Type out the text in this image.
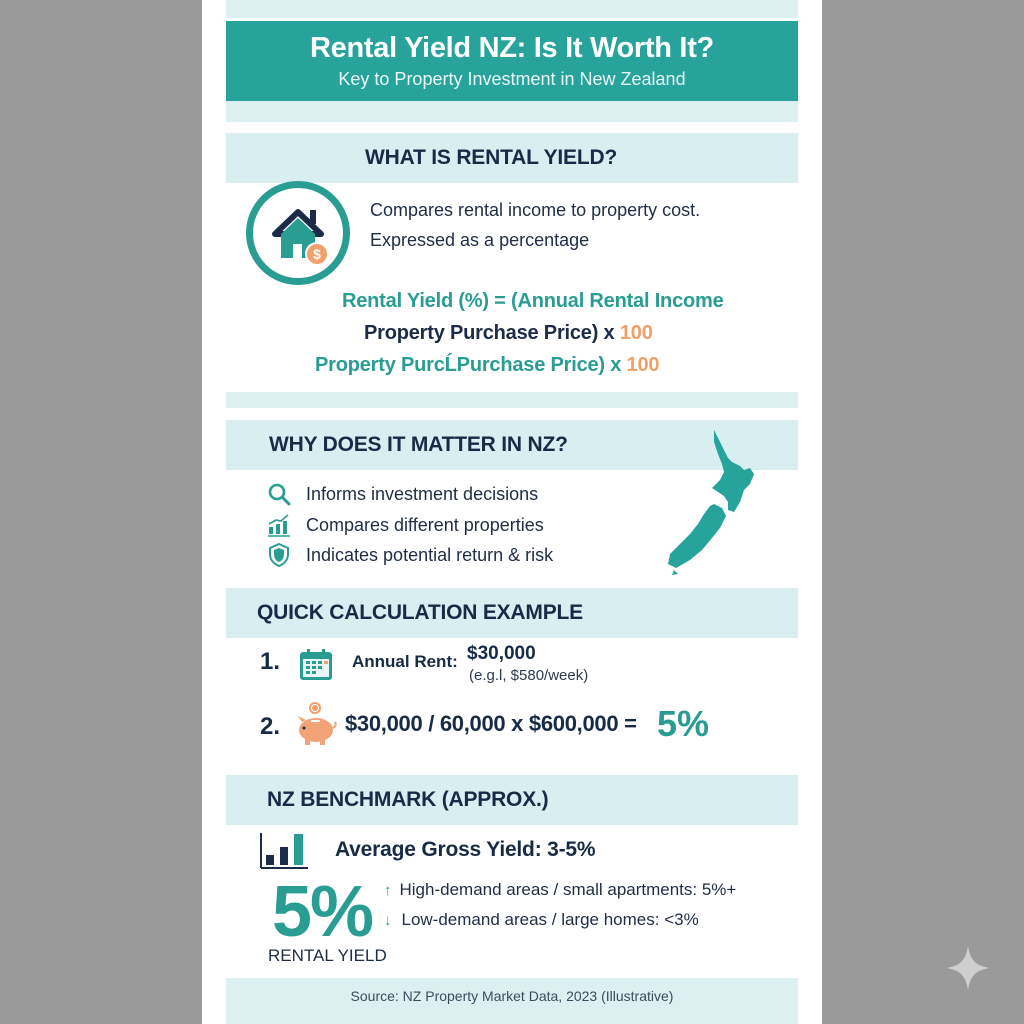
Rental Yield NZ: Is It Worth It?
Key to Property Investment in New Zealand
WHAT IS RENTAL YIELD?
$
Compares rental income to property cost.
Expressed as a percentage
Rental Yield (%) = (Annual Rental Income
Property Purchase Price) x 100
Property PurcĹPurchase Price) x 100
WHY DOES IT MATTER IN NZ?
Informs investment decisions
Compares different properties
Indicates potential return & risk
QUICK CALCULATION EXAMPLE
1.	Annual Rent: $30,000
(e.g.l, $580/week)
2.	$30,000 / 60,000 x $600,000 = 5%
NZ BENCHMARK (APPROX.)
Average Gross Yield: 3-5%
5%
RENTAL YIELD
↑ High-demand areas / small apartments: 5%+
↓ Low-demand areas / large homes: <3%
Source: NZ Property Market Data, 2023 (Illustrative)
